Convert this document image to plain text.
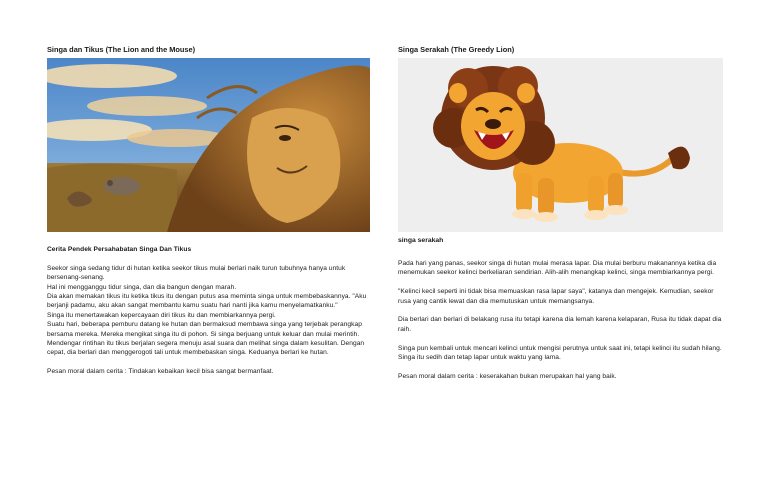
Singa dan Tikus (The Lion and the Mouse)

Cerita Pendek Persahabatan Singa Dan Tikus

Seekor singa sedang tidur di hutan ketika seekor tikus mulai berlari naik turun tubuhnya hanya untuk bersenang-senang.

Hal ini mengganggu tidur singa, dan dia bangun dengan marah.

Dia akan memakan tikus itu ketika tikus itu dengan putus asa meminta singa untuk membebaskannya. "Aku berjanji padamu, aku akan sangat membantu kamu suatu hari nanti jika kamu menyelamatkanku."

Singa itu menertawakan kepercayaan diri tikus itu dan membiarkannya pergi.

Suatu hari, beberapa pemburu datang ke hutan dan bermaksud membawa singa yang terjebak perangkap bersama mereka. Mereka mengikat singa itu di pohon. Si singa berjuang untuk keluar dan mulai merintih.

Mendengar rintihan itu tikus berjalan segera menuju asal suara dan melihat singa dalam kesulitan. Dengan cepat, dia berlari dan menggerogoti tali untuk membebaskan singa. Keduanya berlari ke hutan.

Pesan moral dalam cerita : Tindakan kebaikan kecil bisa sangat bermanfaat.

Singa Serakah (The Greedy Lion)
singa serakah

Pada hari yang panas, seekor singa di hutan mulai merasa lapar. Dia mulai berburu makanannya ketika dia menemukan seekor kelinci berkeliaran sendirian. Alih-alih menangkap kelinci, singa membiarkannya pergi.

"Kelinci kecil seperti ini tidak bisa memuaskan rasa lapar saya", katanya dan mengejek. Kemudian, seekor rusa yang cantik lewat dan dia memutuskan untuk memangsanya.

Dia berlari dan berlari di belakang rusa itu tetapi karena dia lemah karena kelaparan, Rusa itu tidak dapat dia raih.

Singa pun kembali untuk mencari kelinci untuk mengisi perutnya untuk saat ini, tetapi kelinci itu sudah hilang. Singa itu sedih dan tetap lapar untuk waktu yang lama.

Pesan moral dalam cerita : keserakahan bukan merupakan hal yang baik.
